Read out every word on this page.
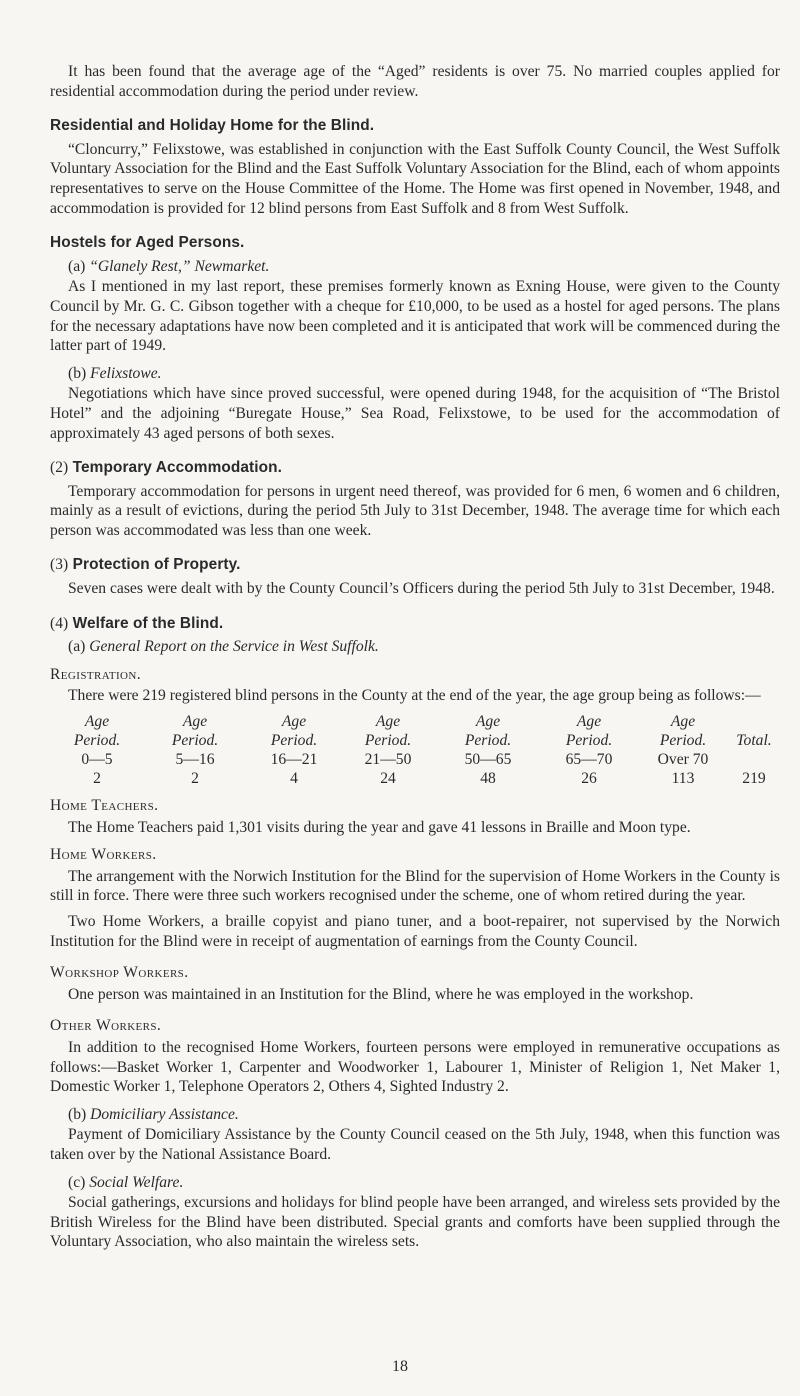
It has been found that the average age of the “Aged” residents is over 75. No married couples applied for residential accommodation during the period under review.

Residential and Holiday Home for the Blind.

“Cloncurry,” Felixstowe, was established in conjunction with the East Suffolk County Council, the West Suffolk Voluntary Association for the Blind and the East Suffolk Voluntary Association for the Blind, each of whom appoints representatives to serve on the House Committee of the Home. The Home was first opened in November, 1948, and accommodation is provided for 12 blind persons from East Suffolk and 8 from West Suffolk.

Hostels for Aged Persons.
(a) “Glanely Rest,” Newmarket.

As I mentioned in my last report, these premises formerly known as Exning House, were given to the County Council by Mr. G. C. Gibson together with a cheque for £10,000, to be used as a hostel for aged persons. The plans for the necessary adaptations have now been completed and it is anticipated that work will be commenced during the latter part of 1949.

(b) Felixstowe.

Negotiations which have since proved successful, were opened during 1948, for the acquisition of “The Bristol Hotel” and the adjoining “Buregate House,” Sea Road, Felixstowe, to be used for the accommodation of approximately 43 aged persons of both sexes.

(2) Temporary Accommodation.

Temporary accommodation for persons in urgent need thereof, was provided for 6 men, 6 women and 6 children, mainly as a result of evictions, during the period 5th July to 31st December, 1948. The average time for which each person was accommodated was less than one week.

(3) Protection of Property.

Seven cases were dealt with by the County Council’s Officers during the period 5th July to 31st December, 1948.

(4) Welfare of the Blind.
(a) General Report on the Service in West Suffolk.
Registration.

There were 219 registered blind persons in the County at the end of the year, the age group being as follows:—

Age	Age	Age	Age	Age	Age	Age	
Period.	Period.	Period.	Period.	Period.	Period.	Period.	Total.
0—5	5—16	16—21	21—50	50—65	65—70	Over 70	
2	2	4	24	48	26	113	219
Home Teachers.

The Home Teachers paid 1,301 visits during the year and gave 41 lessons in Braille and Moon type.

Home Workers.

The arrangement with the Norwich Institution for the Blind for the supervision of Home Workers in the County is still in force. There were three such workers recognised under the scheme, one of whom retired during the year.

Two Home Workers, a braille copyist and piano tuner, and a boot-repairer, not supervised by the Norwich Institution for the Blind were in receipt of augmentation of earnings from the County Council.

Workshop Workers.

One person was maintained in an Institution for the Blind, where he was employed in the workshop.

Other Workers.

In addition to the recognised Home Workers, fourteen persons were employed in remunerative occupations as follows:—Basket Worker 1, Carpenter and Woodworker 1, Labourer 1, Minister of Religion 1, Net Maker 1, Domestic Worker 1, Telephone Operators 2, Others 4, Sighted Industry 2.

(b) Domiciliary Assistance.

Payment of Domiciliary Assistance by the County Council ceased on the 5th July, 1948, when this function was taken over by the National Assistance Board.

(c) Social Welfare.

Social gatherings, excursions and holidays for blind people have been arranged, and wireless sets provided by the British Wireless for the Blind have been distributed. Special grants and comforts have been supplied through the Voluntary Association, who also maintain the wireless sets.

18
